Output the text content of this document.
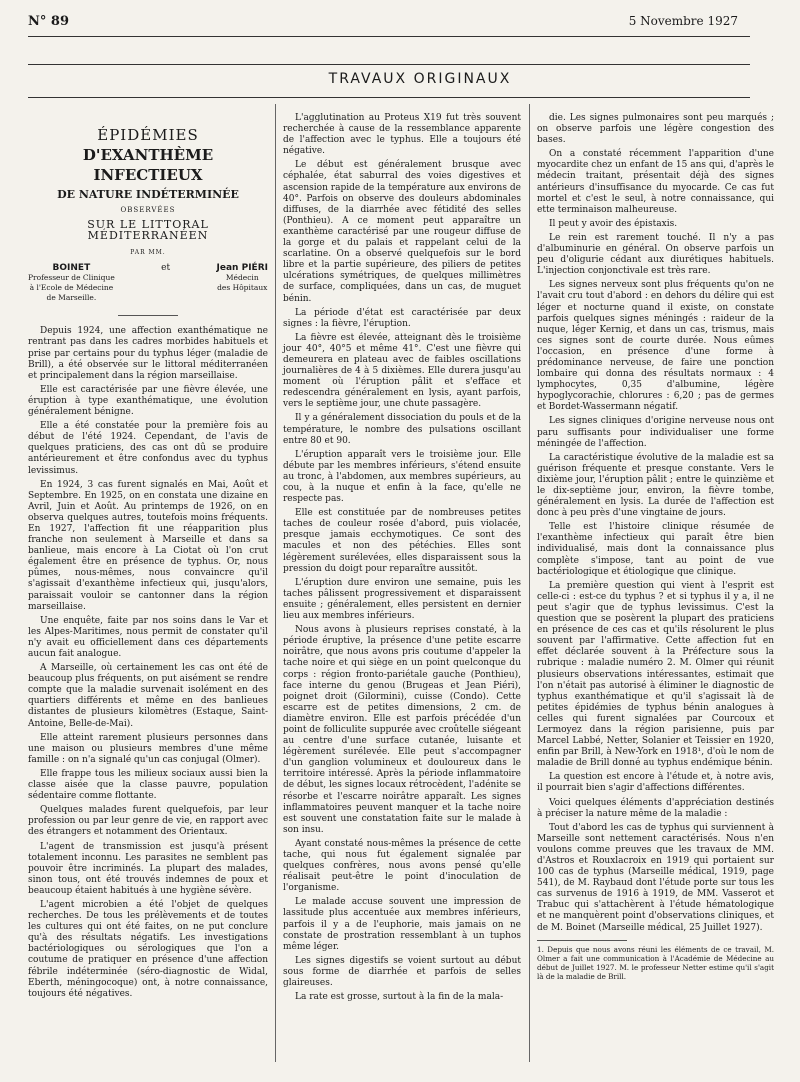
N° 89	5 Novembre 1927
TRAVAUX ORIGINAUX
ÉPIDÉMIES
D'EXANTHÈME INFECTIEUX
DE NATURE INDÉTERMINÉE
OBSERVÉES
SUR LE LITTORAL MÉDITERRANÉEN
PAR MM.
BOINET
Professeur de Clinique
à l'Ecole de Médecine
de Marseille.
et	Jean PIÉRI
Médecin
des Hôpitaux

Depuis 1924, une affection exanthématique ne rentrant pas dans les cadres morbides habituels et prise par certains pour du typhus léger (maladie de Brill), a été observée sur le littoral méditerranéen et principalement dans la région marseillaise.

Elle est caractérisée par une fièvre élevée, une éruption à type exanthématique, une évolution généralement bénigne.

Elle a été constatée pour la première fois au début de l'été 1924. Cependant, de l'avis de quelques praticiens, des cas ont dû se produire antérieurement et être confondus avec du typhus levissimus.

En 1924, 3 cas furent signalés en Mai, Août et Septembre. En 1925, on en constata une dizaine en Avril, Juin et Août. Au printemps de 1926, on en observa quelques autres, toutefois moins fréquents. En 1927, l'affection fit une réapparition plus franche non seulement à Marseille et dans sa banlieue, mais encore à La Ciotat où l'on crut également être en présence de typhus. Or, nous pûmes, nous-mêmes, nous convaincre qu'il s'agissait d'exanthème infectieux qui, jusqu'alors, paraissait vouloir se cantonner dans la région marseillaise.

Une enquête, faite par nos soins dans le Var et les Alpes-Maritimes, nous permit de constater qu'il n'y avait eu officiellement dans ces départements aucun fait analogue.

A Marseille, où certainement les cas ont été de beaucoup plus fréquents, on put aisément se rendre compte que la maladie survenait isolément en des quartiers différents et même en des banlieues distantes de plusieurs kilomètres (Estaque, Saint-Antoine, Belle-de-Mai).

Elle atteint rarement plusieurs personnes dans une maison ou plusieurs membres d'une même famille : on n'a signalé qu'un cas conjugal (Olmer).

Elle frappe tous les milieux sociaux aussi bien la classe aisée que la classe pauvre, population sédentaire comme flottante.

Quelques malades furent quelquefois, par leur profession ou par leur genre de vie, en rapport avec des étrangers et notamment des Orientaux.

L'agent de transmission est jusqu'à présent totalement inconnu. Les parasites ne semblent pas pouvoir être incriminés. La plupart des malades, sinon tous, ont été trouvés indemnes de poux et beaucoup étaient habitués à une hygiène sévère.

L'agent microbien a été l'objet de quelques recherches. De tous les prélèvements et de toutes les cultures qui ont été faites, on ne put conclure qu'à des résultats négatifs. Les investigations bactériologiques ou sérologiques que l'on a coutume de pratiquer en présence d'une affection fébrile indéterminée (séro-diagnostic de Widal, Eberth, méningocoque) ont, à notre connaissance, toujours été négatives.

L'agglutination au Proteus X19 fut très souvent recherchée à cause de la ressemblance apparente de l'affection avec le typhus. Elle a toujours été négative.

Le début est généralement brusque avec céphalée, état saburral des voies digestives et ascension rapide de la température aux environs de 40°. Parfois on observe des douleurs abdominales diffuses, de la diarrhée avec fétidité des selles (Ponthieu). A ce moment peut apparaître un exanthème caractérisé par une rougeur diffuse de la gorge et du palais et rappelant celui de la scarlatine. On a observé quelquefois sur le bord libre et la partie supérieure, des piliers de petites ulcérations symétriques, de quelques millimètres de surface, compliquées, dans un cas, de muguet bénin.

La période d'état est caractérisée par deux signes : la fièvre, l'éruption.

La fièvre est élevée, atteignant dès le troisième jour 40°, 40°5 et même 41°. C'est une fièvre qui demeurera en plateau avec de faibles oscillations journalières de 4 à 5 dixièmes. Elle durera jusqu'au moment où l'éruption pâlit et s'efface et redescendra généralement en lysis, ayant parfois, vers le septième jour, une chute passagère.

Il y a généralement dissociation du pouls et de la température, le nombre des pulsations oscillant entre 80 et 90.

L'éruption apparaît vers le troisième jour. Elle débute par les membres inférieurs, s'étend ensuite au tronc, à l'abdomen, aux membres supérieurs, au cou, à la nuque et enfin à la face, qu'elle ne respecte pas.

Elle est constituée par de nombreuses petites taches de couleur rosée d'abord, puis violacée, presque jamais ecchymotiques. Ce sont des macules et non des pétéchies. Elles sont légèrement surélevées, elles disparaissent sous la pression du doigt pour reparaître aussitôt.

L'éruption dure environ une semaine, puis les taches pâlissent progressivement et disparaissent ensuite ; généralement, elles persistent en dernier lieu aux membres inférieurs.

Nous avons à plusieurs reprises constaté, à la période éruptive, la présence d'une petite escarre noirâtre, que nous avons pris coutume d'appeler la tache noire et qui siège en un point quelconque du corps : région fronto-pariétale gauche (Ponthieu), face interne du genou (Brugeas et Jean Piéri), poignet droit (Gilormini), cuisse (Condo). Cette escarre est de petites dimensions, 2 cm. de diamètre environ. Elle est parfois précédée d'un point de folliculite suppurée avec croûtelle siégeant au centre d'une surface cutanée, luisante et légèrement surélevée. Elle peut s'accompagner d'un ganglion volumineux et douloureux dans le territoire intéressé. Après la période inflammatoire de début, les signes locaux rétrocèdent, l'adénite se résorbe et l'escarre noirâtre apparaît. Les signes inflammatoires peuvent manquer et la tache noire est souvent une constatation faite sur le malade à son insu.

Ayant constaté nous-mêmes la présence de cette tache, qui nous fut également signalée par quelques confrères, nous avons pensé qu'elle réalisait peut-être le point d'inoculation de l'organisme.

Le malade accuse souvent une impression de lassitude plus accentuée aux membres inférieurs, parfois il y a de l'euphorie, mais jamais on ne constate de prostration ressemblant à un tuphos même léger.

Les signes digestifs se voient surtout au début sous forme de diarrhée et parfois de selles glaireuses.

La rate est grosse, surtout à la fin de la mala-

die. Les signes pulmonaires sont peu marqués ; on observe parfois une légère congestion des bases.

On a constaté récemment l'apparition d'une myocardite chez un enfant de 15 ans qui, d'après le médecin traitant, présentait déjà des signes antérieurs d'insuffisance du myocarde. Ce cas fut mortel et c'est le seul, à notre connaissance, qui ette terminaison malheureuse.

Il peut y avoir des épistaxis.

Le rein est rarement touché. Il n'y a pas d'albuminurie en général. On observe parfois un peu d'oligurie cédant aux diurétiques habituels. L'injection conjonctivale est très rare.

Les signes nerveux sont plus fréquents qu'on ne l'avait cru tout d'abord : en dehors du délire qui est léger et nocturne quand il existe, on constate parfois quelques signes méningés : raideur de la nuque, léger Kernig, et dans un cas, trismus, mais ces signes sont de courte durée. Nous eûmes l'occasion, en présence d'une forme à prédominance nerveuse, de faire une ponction lombaire qui donna des résultats normaux : 4 lymphocytes, 0,35 d'albumine, légère hypoglycorachie, chlorures : 6,20 ; pas de germes et Bordet-Wassermann négatif.

Les signes cliniques d'origine nerveuse nous ont paru suffisants pour individualiser une forme méningée de l'affection.

La caractéristique évolutive de la maladie est sa guérison fréquente et presque constante. Vers le dixième jour, l'éruption pâlit ; entre le quinzième et le dix-septième jour, environ, la fièvre tombe, généralement en lysis. La durée de l'affection est donc à peu près d'une vingtaine de jours.

Telle est l'histoire clinique résumée de l'exanthème infectieux qui paraît être bien individualisé, mais dont la connaissance plus complète s'impose, tant au point de vue bactériologique et étiologique que clinique.

La première question qui vient à l'esprit est celle-ci : est-ce du typhus ? et si typhus il y a, il ne peut s'agir que de typhus levissimus. C'est la question que se posèrent la plupart des praticiens en présence de ces cas et qu'ils résolurent le plus souvent par l'affirmative. Cette affection fut en effet déclarée souvent à la Préfecture sous la rubrique : maladie numéro 2. M. Olmer qui réunit plusieurs observations intéressantes, estimait que l'on n'était pas autorisé à éliminer le diagnostic de typhus exanthématique et qu'il s'agissait là de petites épidémies de typhus bénin analogues à celles qui furent signalées par Courcoux et Lermoyez dans la région parisienne, puis par Marcel Labbé, Netter, Solanier et Teissier en 1920, enfin par Brill, à New-York en 1918¹, d'où le nom de maladie de Brill donné au typhus endémique bénin.

La question est encore à l'étude et, à notre avis, il pourrait bien s'agir d'affections différentes.

Voici quelques éléments d'appréciation destinés à préciser la nature même de la maladie :

Tout d'abord les cas de typhus qui surviennent à Marseille sont nettement caractérisés. Nous n'en voulons comme preuves que les travaux de MM. d'Astros et Rouxlacroix en 1919 qui portaient sur 100 cas de typhus (Marseille médical, 1919, page 541), de M. Raybaud dont l'étude porte sur tous les cas survenus de 1916 à 1919, de MM. Vasserot et Trabuc qui s'attachèrent à l'étude hématologique et ne manquèrent point d'observations cliniques, et de M. Boinet (Marseille médical, 25 Juillet 1927).

1. Depuis que nous avons réuni les éléments de ce travail, M. Olmer a fait une communication à l'Académie de Médecine au début de Juillet 1927. M. le professeur Netter estime qu'il s'agit là de la maladie de Brill.
